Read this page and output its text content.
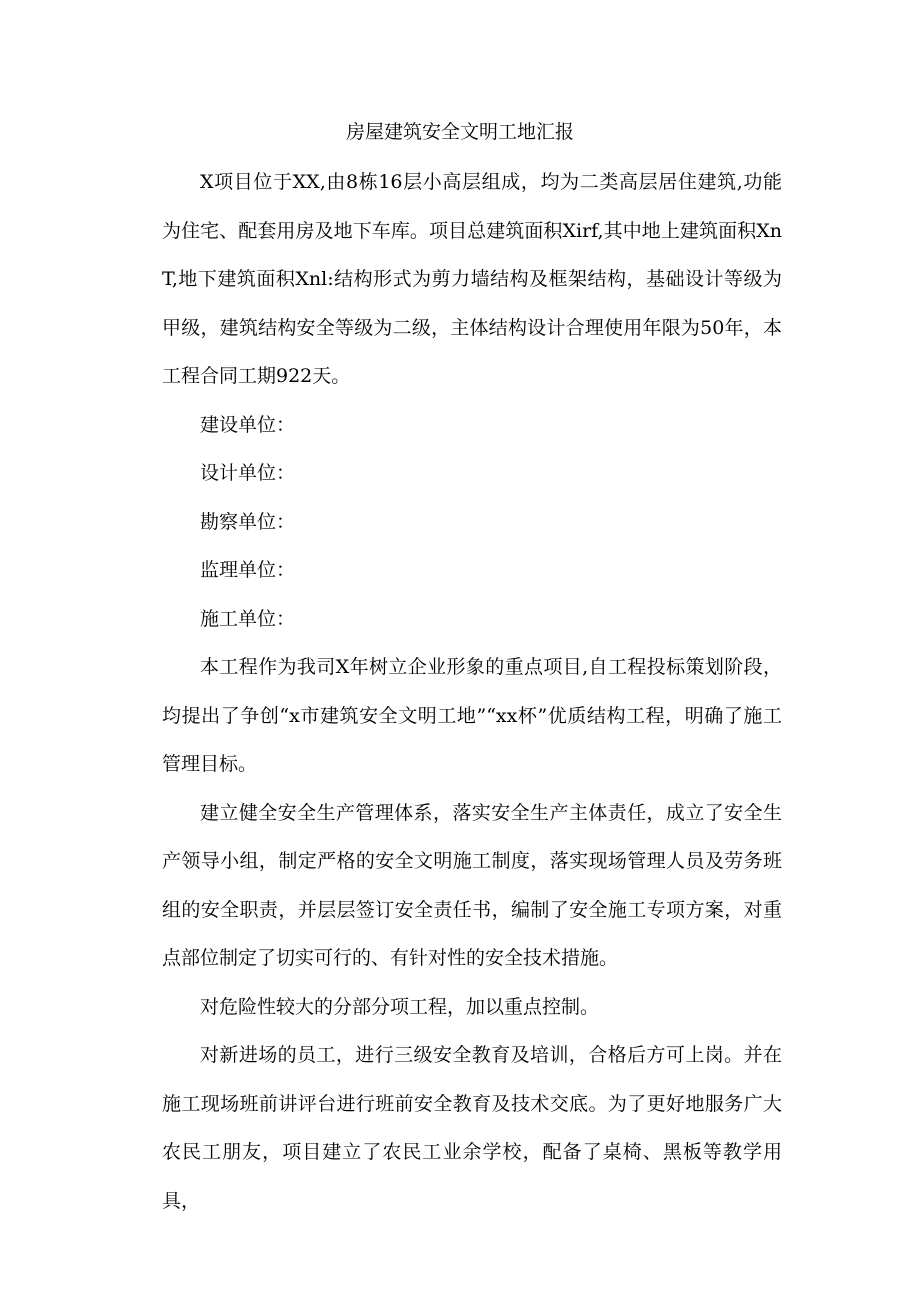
房屋建筑安全文明工地汇报

X项目位于XX,由8栋16层小高层组成，均为二类高层居住建筑,功能为住宅、配套用房及地下车库。项目总建筑面积Xirf,其中地上建筑面积XnT,地下建筑面积Xnl:结构形式为剪力墙结构及框架结构，基础设计等级为甲级，建筑结构安全等级为二级，主体结构设计合理使用年限为50年，本工程合同工期922天。

建设单位：

设计单位：

勘察单位：

监理单位：

施工单位：

本工程作为我司X年树立企业形象的重点项目,自工程投标策划阶段，均提出了争创“x市建筑安全文明工地”“xx杯”优质结构工程，明确了施工管理目标。

建立健全安全生产管理体系，落实安全生产主体责任，成立了安全生产领导小组，制定严格的安全文明施工制度，落实现场管理人员及劳务班组的安全职责，并层层签订安全责任书，编制了安全施工专项方案，对重点部位制定了切实可行的、有针对性的安全技术措施。

对危险性较大的分部分项工程，加以重点控制。

对新进场的员工，进行三级安全教育及培训，合格后方可上岗。并在施工现场班前讲评台进行班前安全教育及技术交底。为了更好地服务广大农民工朋友，项目建立了农民工业余学校，配备了桌椅、黑板等教学用具，
